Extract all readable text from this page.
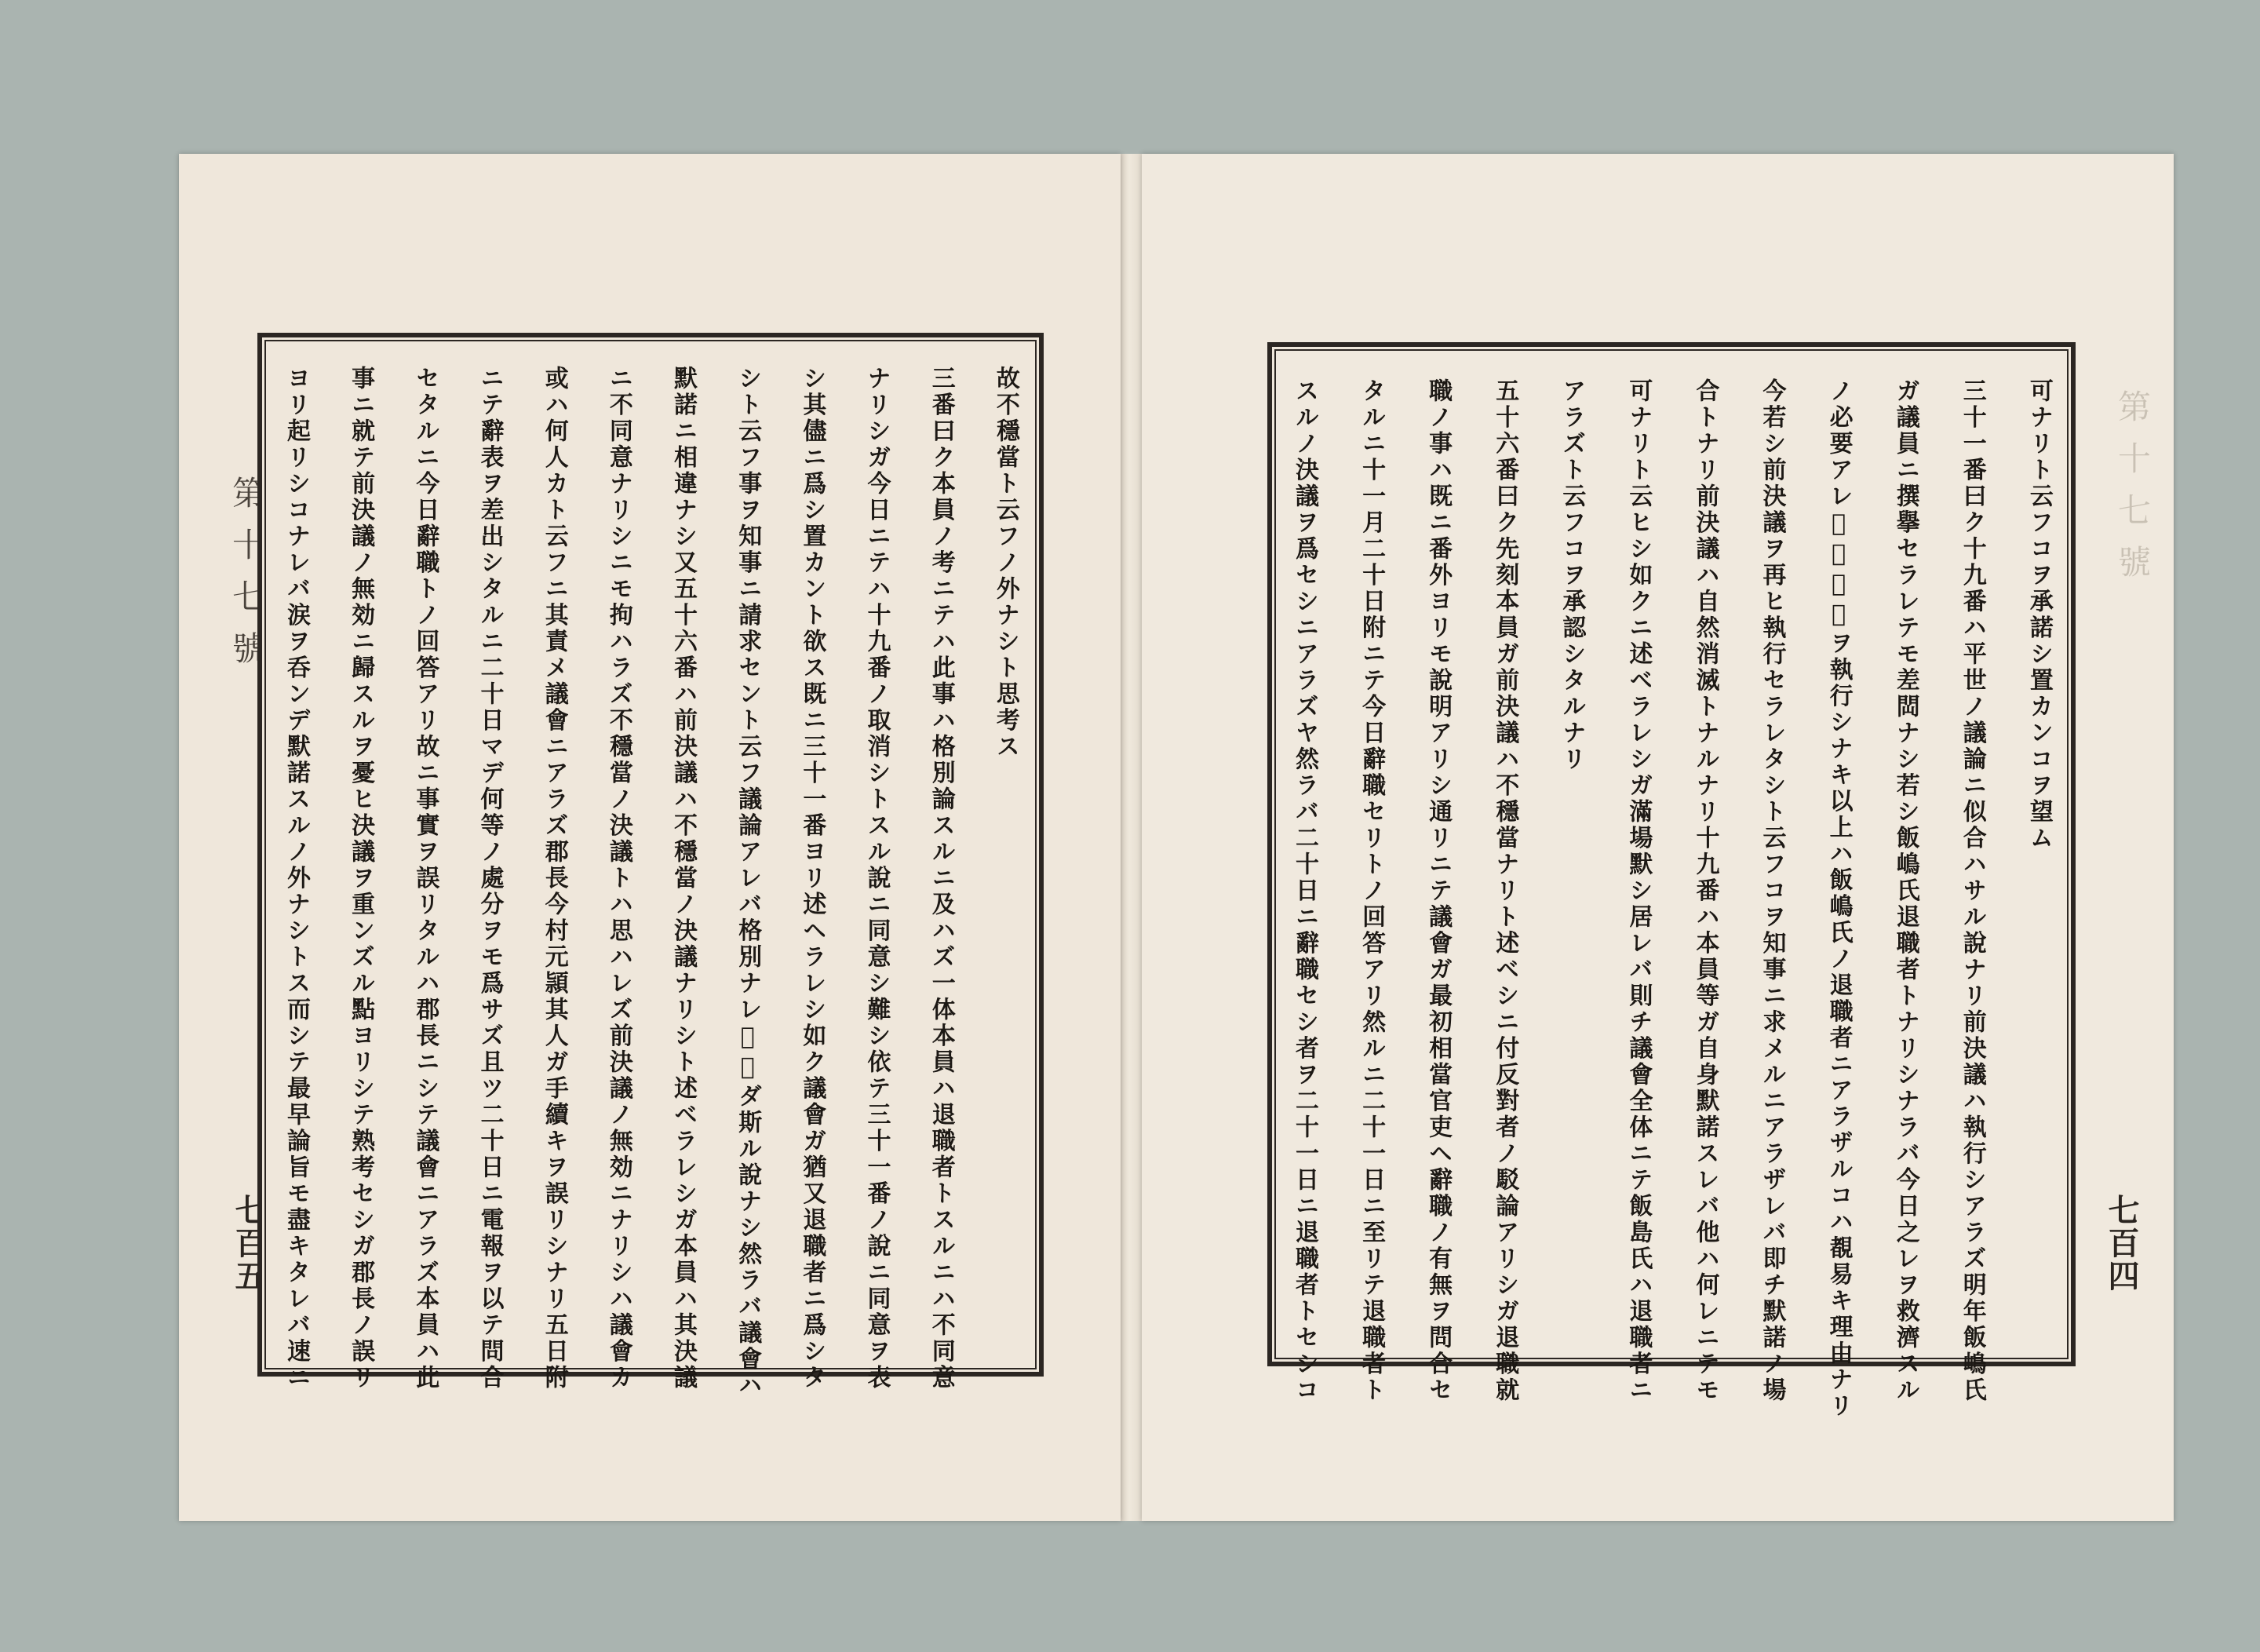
第十七號
七百五
故不穩當ト云フノ外ナシト思考ス
三番曰ク本員ノ考ニテハ此事ハ格別論スルニ及ハズ一体本員ハ退職者トスルニハ不同意
ナリシガ今日ニテハ十九番ノ取消シトスル說ニ同意シ難シ依テ三十一番ノ說ニ同意ヲ表
シ其儘ニ爲シ置カント欲ス既ニ三十一番ヨリ述ヘラレシ如ク議會ガ猶又退職者ニ爲シタ
シト云フ事ヲ知事ニ請求セント云フ議論アレバ格別ナレ𪜈未ダ斯ル說ナシ然ラバ議會ハ
默諾ニ相違ナシ又五十六番ハ前決議ハ不穩當ノ決議ナリシト述ベラレシガ本員ハ其決議
ニ不同意ナリシニモ拘ハラズ不穩當ノ決議トハ思ハレズ前決議ノ無効ニナリシハ議會カ
或ハ何人カト云フニ其責メ議會ニアラズ郡長今村元頴其人ガ手續キヲ誤リシナリ五日附
ニテ辭表ヲ差出シタルニ二十日マデ何等ノ處分ヲモ爲サズ且ツ二十日ニ電報ヲ以テ問合
セタルニ今日辭職トノ回答アリ故ニ事實ヲ誤リタルハ郡長ニシテ議會ニアラズ本員ハ此
事ニ就テ前決議ノ無効ニ歸スルヲ憂ヒ決議ヲ重ンズル點ヨリシテ熟考セシガ郡長ノ誤リ
ヨリ起リシコナレバ涙ヲ呑ンデ默諾スルノ外ナシトス而シテ最早論旨モ盡キタレバ速ニ	第十七號
七百四
可ナリト云フコヲ承諾シ置カンコヲ望ム
三十一番曰ク十九番ハ平世ノ議論ニ似合ハサル說ナリ前決議ハ執行シアラズ明年飯嶋氏
ガ議員ニ撰擧セラレテモ差閊ナシ若シ飯嶋氏退職者トナリシナラバ今日之レヲ救濟スル
ノ必要アレ𪜈前決議ヲ執行シナキ以上ハ飯嶋氏ノ退職者ニアラザルコハ覩易キ理由ナリ
今若シ前決議ヲ再ヒ執行セラレタシト云フコヲ知事ニ求メルニアラザレバ即チ默諾ノ場
合トナリ前決議ハ自然消滅トナルナリ十九番ハ本員等ガ自身默諾スレバ他ハ何レニテモ
可ナリト云ヒシ如クニ述ベラレシガ滿場默シ居レバ則チ議會全体ニテ飯島氏ハ退職者ニ
アラズト云フコヲ承認シタルナリ
五十六番曰ク先刻本員ガ前決議ハ不穩當ナリト述ベシニ付反對者ノ駁論アリシガ退職就
職ノ事ハ既ニ番外ヨリモ說明アリシ通リニテ議會ガ最初相當官吏ヘ辭職ノ有無ヲ問合セ
タルニ十一月二十日附ニテ今日辭職セリトノ回答アリ然ルニ二十一日ニ至リテ退職者ト
スルノ決議ヲ爲セシニアラズヤ然ラバ二十日ニ辭職セシ者ヲ二十一日ニ退職者トセシコ
